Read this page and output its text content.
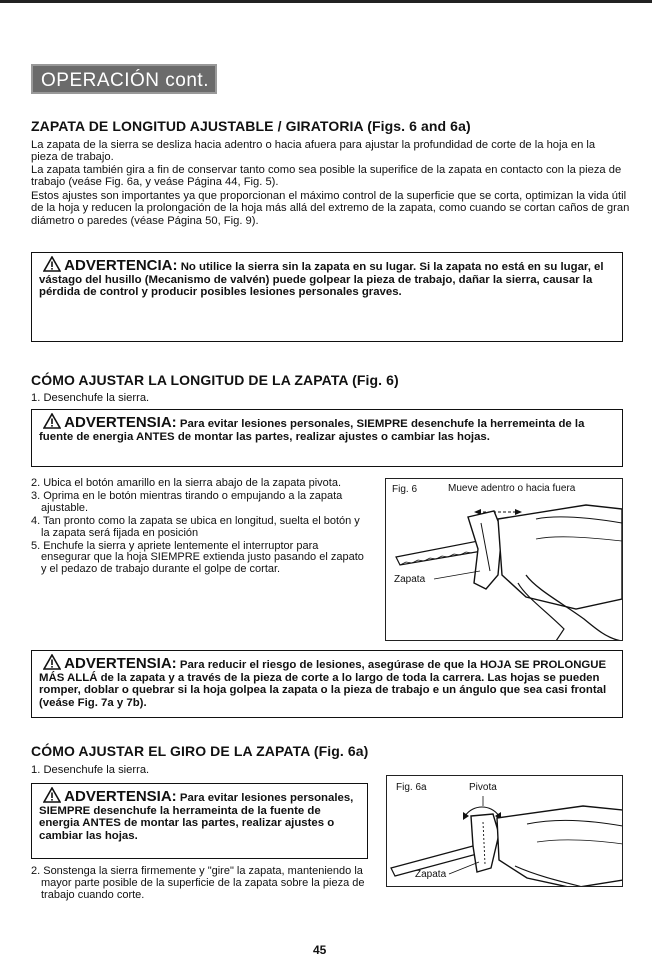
OPERACIÓN cont.
ZAPATA DE LONGITUD AJUSTABLE / GIRATORIA (Figs. 6 and 6a)

La zapata de la sierra se desliza hacia adentro o hacia afuera para ajustar la profundidad de corte de la hoja en la pieza de trabajo.

La zapata también gira a fin de conservar tanto como sea posible la superifice de la zapata en contacto con la pieza de trabajo (veáse Fig. 6a, y veáse Página 44, Fig. 5).

Estos ajustes son importantes ya que proporcionan el máximo control de la superficie que se corta, optimizan la vida útil de la hoja y reducen la prolongación de la hoja más allá del extremo de la zapata, como cuando se cortan caños de gran diámetro o paredes (véase Página 50, Fig. 9).

ADVERTENCIA: No utilice la sierra sin la zapata en su lugar. Si la zapata no está en su lugar, el vástago del husillo (Mecanismo de valvén) puede golpear la pieza de trabajo, dañar la sierra, causar la pérdida de control y producir posibles lesiones personales graves.
CÓMO AJUSTAR LA LONGITUD DE LA ZAPATA (Fig. 6)

1. Desenchufe la sierra.

ADVERTENSIA: Para evitar lesiones personales, SIEMPRE desenchufe la herremeinta de la fuente de energia ANTES de montar las partes, realizar ajustes o cambiar las hojas.

2. Ubica el botón amarillo en la sierra abajo de la zapata pivota.

3. Oprima en le botón mientras tirando o empujando a la zapata ajustable.

4. Tan pronto como la zapata se ubica en longitud, suelta el botón y la zapata será fijada en posición

5. Enchufe la sierra y apriete lentemente el interruptor para ensegurar que la hoja SIEMPRE extienda justo pasando el zapato y el pedazo de trabajo durante el golpe de cortar.

Fig. 6	Mueve adentro o hacia fuera
Zapata
ADVERTENSIA: Para reducir el riesgo de lesiones, asegúrase de que la HOJA SE PROLONGUE MÁS ALLÁ de la zapata y a través de la pieza de corte a lo largo de toda la carrera. Las hojas se pueden romper, doblar o quebrar si la hoja golpea la zapata o la pieza de trabajo e un ángulo que sea casi frontal (veáse Fig. 7a y 7b).
CÓMO AJUSTAR EL GIRO DE LA ZAPATA (Fig. 6a)

1. Desenchufe la sierra.

ADVERTENSIA: Para evitar lesiones personales, SIEMPRE desenchufe la herrameinta de la fuente de energia ANTES de montar las partes, realizar ajustes o cambiar las hojas.

2. Sonstenga la sierra firmemente y "gire" la zapata, manteniendo la mayor parte posible de la superficie de la zapata sobre la pieza de trabajo cuando corte.

Fig. 6a	Pivota
Zapata
45
